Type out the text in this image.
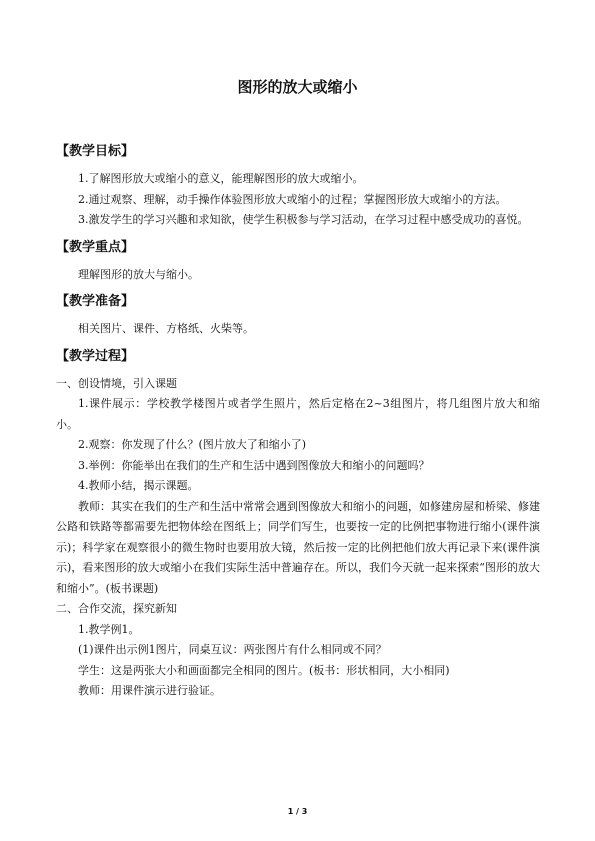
图形的放大或缩小
【教学目标】

1.了解图形放大或缩小的意义，能理解图形的放大或缩小。

2.通过观察、理解，动手操作体验图形放大或缩小的过程；掌握图形放大或缩小的方法。

3.激发学生的学习兴趣和求知欲，使学生积极参与学习活动，在学习过程中感受成功的喜悦。

【教学重点】

理解图形的放大与缩小。

【教学准备】

相关图片、课件、方格纸、火柴等。

【教学过程】

一、创设情境，引入课题

1.课件展示：学校教学楼图片或者学生照片，然后定格在2~3组图片，将几组图片放大和缩小。

2.观察：你发现了什么？(图片放大了和缩小了)

3.举例：你能举出在我们的生产和生活中遇到图像放大和缩小的问题吗？

4.教师小结，揭示课题。

教师：其实在我们的生产和生活中常常会遇到图像放大和缩小的问题，如修建房屋和桥梁、修建公路和铁路等都需要先把物体绘在图纸上；同学们写生，也要按一定的比例把事物进行缩小(课件演示)；科学家在观察很小的微生物时也要用放大镜，然后按一定的比例把他们放大再记录下来(课件演示)，看来图形的放大或缩小在我们实际生活中普遍存在。所以，我们今天就一起来探索“图形的放大和缩小”。(板书课题)

二、合作交流，探究新知

1.教学例1。

(1)课件出示例1图片，同桌互议：两张图片有什么相同或不同？

学生：这是两张大小和画面都完全相同的图片。(板书：形状相同，大小相同)

教师：用课件演示进行验证。

1 / 3
